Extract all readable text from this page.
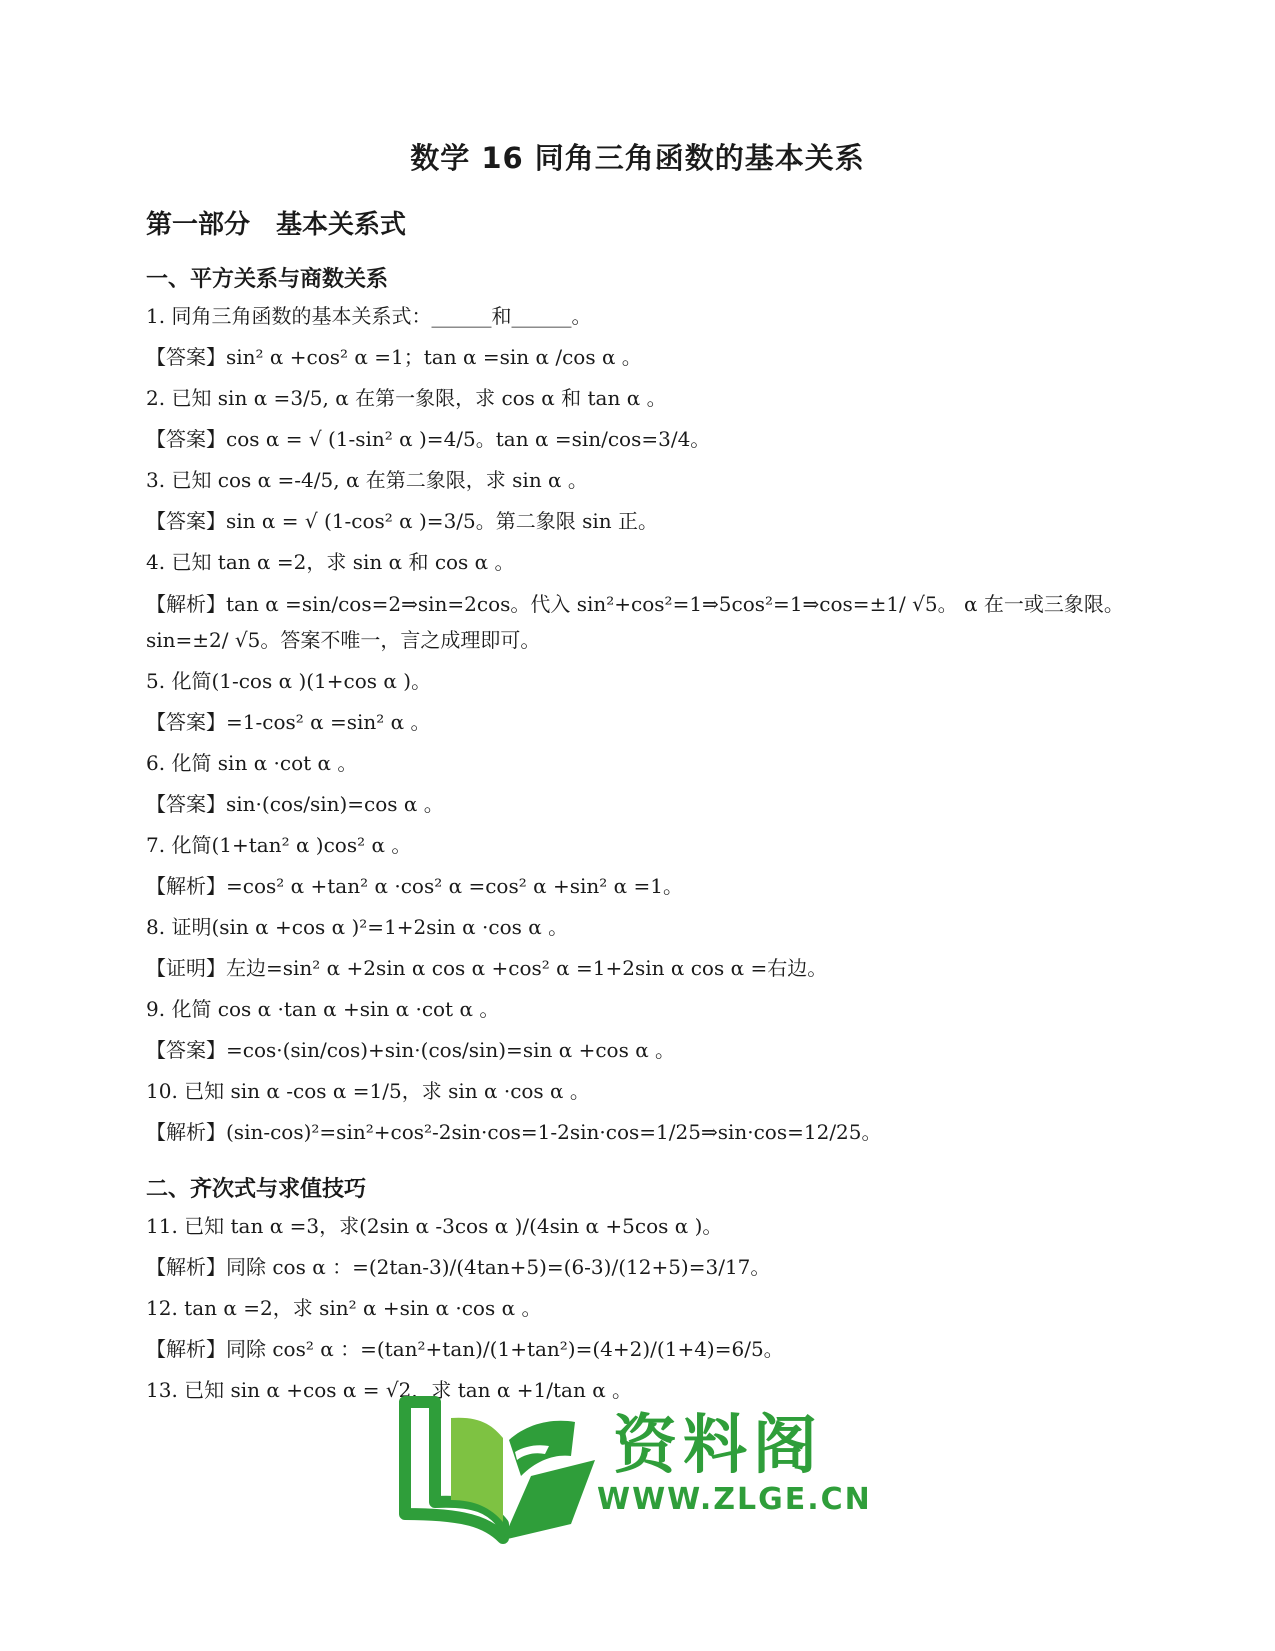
数学 16 同角三角函数的基本关系
第一部分　基本关系式
一、平方关系与商数关系
1. 同角三角函数的基本关系式：______和______。
【答案】sin² α +cos² α =1；tan α =sin α /cos α 。
2. 已知 sin α =3/5, α 在第一象限，求 cos α 和 tan α 。
【答案】cos α = √ (1-sin² α )=4/5。tan α =sin/cos=3/4。
3. 已知 cos α =-4/5, α 在第二象限，求 sin α 。
【答案】sin α = √ (1-cos² α )=3/5。第二象限 sin 正。
4. 已知 tan α =2，求 sin α 和 cos α 。
【解析】tan α =sin/cos=2⇒sin=2cos。代入 sin²+cos²=1⇒5cos²=1⇒cos=±1/ √5。 α 在一或三象限。sin=±2/ √5。答案不唯一，言之成理即可。
5. 化简(1-cos α )(1+cos α )。
【答案】=1-cos² α =sin² α 。
6. 化简 sin α ·cot α 。
【答案】sin·(cos/sin)=cos α 。
7. 化简(1+tan² α )cos² α 。
【解析】=cos² α +tan² α ·cos² α =cos² α +sin² α =1。
8. 证明(sin α +cos α )²=1+2sin α ·cos α 。
【证明】左边=sin² α +2sin α cos α +cos² α =1+2sin α cos α =右边。
9. 化简 cos α ·tan α +sin α ·cot α 。
【答案】=cos·(sin/cos)+sin·(cos/sin)=sin α +cos α 。
10. 已知 sin α -cos α =1/5，求 sin α ·cos α 。
【解析】(sin-cos)²=sin²+cos²-2sin·cos=1-2sin·cos=1/25⇒sin·cos=12/25。
二、齐次式与求值技巧
11. 已知 tan α =3，求(2sin α -3cos α )/(4sin α +5cos α )。
【解析】同除 cos α ：=(2tan-3)/(4tan+5)=(6-3)/(12+5)=3/17。
12. tan α =2，求 sin² α +sin α ·cos α 。
【解析】同除 cos² α ：=(tan²+tan)/(1+tan²)=(4+2)/(1+4)=6/5。
13. 已知 sin α +cos α = √2，求 tan α +1/tan α 。
资料阁
WWW.ZLGE.CN
